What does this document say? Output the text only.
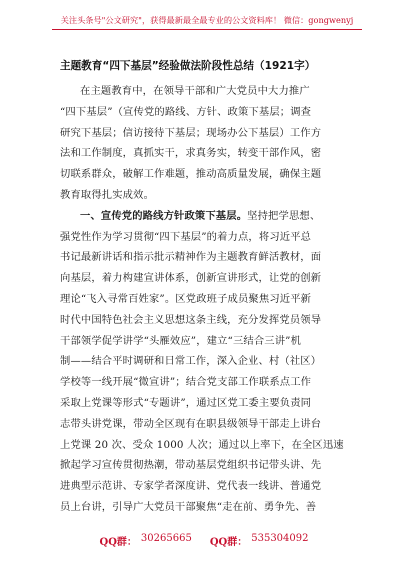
关注头条号"公文研究"，获得最新最全最专业的公文资料库！ 微信：gongwenyj
主题教育“四下基层”经验做法阶段性总结（1921字）
在主题教育中，在领导干部和广大党员中大力推广
“四下基层”（宣传党的路线、方针、政策下基层；调查
研究下基层；信访接待下基层；现场办公下基层）工作方
法和工作制度，真抓实干，求真务实，转变干部作风，密
切联系群众，破解工作难题，推动高质量发展，确保主题
教育取得扎实成效。
一、宣传党的路线方针政策下基层。坚持把学思想、
强党性作为学习贯彻“四下基层”的着力点，将习近平总
书记最新讲话和指示批示精神作为主题教育鲜活教材，面
向基层，着力构建宣讲体系，创新宣讲形式，让党的创新
理论“飞入寻常百姓家”。区党政班子成员聚焦习近平新
时代中国特色社会主义思想这条主线，充分发挥党员领导
干部领学促学讲学“头雁效应”，建立“三结合三讲”机
制——结合平时调研和日常工作，深入企业、村（社区）
学校等一线开展“微宣讲”；结合党支部工作联系点工作
采取上党课等形式“专题讲”，通过区党工委主要负责同
志带头讲党课，带动全区现有在职县级领导干部走上讲台
上党课 20 次、受众 1000 人次；通过以上率下，在全区迅速
掀起学习宣传贯彻热潮，带动基层党组织书记带头讲、先
进典型示范讲、专家学者深度讲、党代表一线讲、普通党
员上台讲，引导广大党员干部聚焦“走在前、勇争先、善
QQ群： 30265665 QQ群： 535304092
